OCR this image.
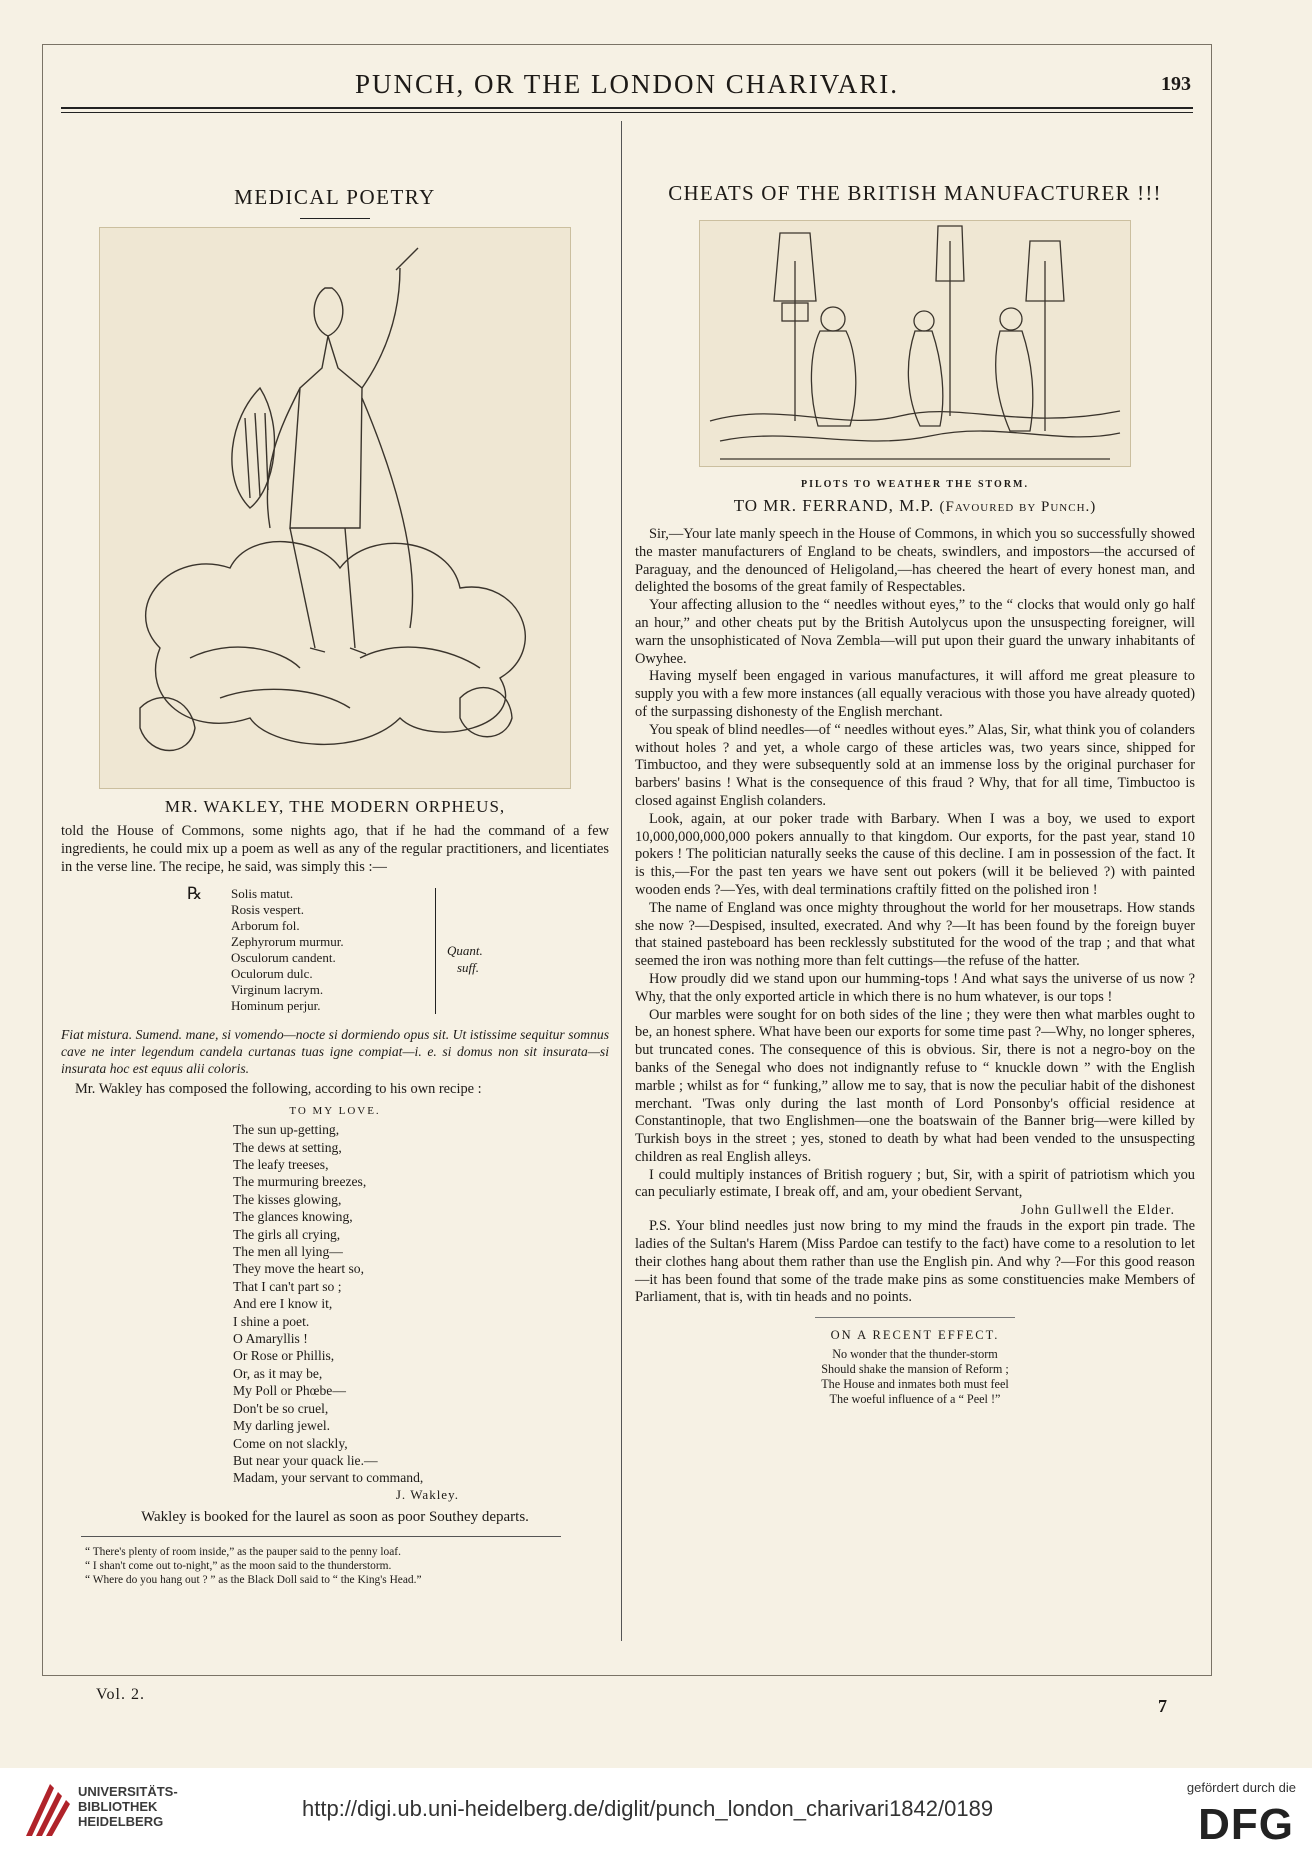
PUNCH, OR THE LONDON CHARIVARI.	193
MEDICAL POETRY
MR. WAKLEY, THE MODERN ORPHEUS,

told the House of Commons, some nights ago, that if he had the command of a few ingredients, he could mix up a poem as well as any of the regular practitioners, and licentiates in the verse line. The recipe, he said, was simply this :—

℞ Solis matut.
Rosis vespert.
Arborum fol.
Zephyrorum murmur.
Osculorum candent.
Oculorum dulc.
Virginum lacrym.
Hominum perjur.
Quant.
suff.

Fiat mistura. Sumend. mane, si vomendo—nocte si dormiendo opus sit. Ut istissime sequitur somnus cave ne inter legendum candela curtanas tuas igne compiat—i. e. si domus non sit insurata—si insurata hoc est equus alii coloris.

Mr. Wakley has composed the following, according to his own recipe :

TO MY LOVE.
The sun up-getting,
The dews at setting,
The leafy treeses,
The murmuring breezes,
The kisses glowing,
The glances knowing,
The girls all crying,
The men all lying—
They move the heart so,
That I can't part so ;
And ere I know it,
I shine a poet.
O Amaryllis !
Or Rose or Phillis,
Or, as it may be,
My Poll or Phœbe—
Don't be so cruel,
My darling jewel.
Come on not slackly,
But near your quack lie.—
Madam, your servant to command,
J. Wakley.
Wakley is booked for the laurel as soon as poor Southey departs.
“ There's plenty of room inside,” as the pauper said to the penny loaf.
“ I shan't come out to-night,” as the moon said to the thunderstorm.
“ Where do you hang out ? ” as the Black Doll said to “ the King's Head.”
CHEATS OF THE BRITISH MANUFACTURER !!!
PILOTS TO WEATHER THE STORM.
TO MR. FERRAND, M.P. (Favoured by Punch.)

Sir,—Your late manly speech in the House of Commons, in which you so successfully showed the master manufacturers of England to be cheats, swindlers, and impostors—the accursed of Paraguay, and the denounced of Heligoland,—has cheered the heart of every honest man, and delighted the bosoms of the great family of Respectables.

Your affecting allusion to the “ needles without eyes,” to the “ clocks that would only go half an hour,” and other cheats put by the British Autolycus upon the unsuspecting foreigner, will warn the unsophisticated of Nova Zembla—will put upon their guard the unwary inhabitants of Owyhee.

Having myself been engaged in various manufactures, it will afford me great pleasure to supply you with a few more instances (all equally veracious with those you have already quoted) of the surpassing dishonesty of the English merchant.

You speak of blind needles—of “ needles without eyes.” Alas, Sir, what think you of colanders without holes ? and yet, a whole cargo of these articles was, two years since, shipped for Timbuctoo, and they were subsequently sold at an immense loss by the original purchaser for barbers' basins ! What is the consequence of this fraud ? Why, that for all time, Timbuctoo is closed against English colanders.

Look, again, at our poker trade with Barbary. When I was a boy, we used to export 10,000,000,000,000 pokers annually to that kingdom. Our exports, for the past year, stand 10 pokers ! The politician naturally seeks the cause of this decline. I am in possession of the fact. It is this,—For the past ten years we have sent out pokers (will it be believed ?) with painted wooden ends ?—Yes, with deal terminations craftily fitted on the polished iron !

The name of England was once mighty throughout the world for her mousetraps. How stands she now ?—Despised, insulted, execrated. And why ?—It has been found by the foreign buyer that stained pasteboard has been recklessly substituted for the wood of the trap ; and that what seemed the iron was nothing more than felt cuttings—the refuse of the hatter.

How proudly did we stand upon our humming-tops ! And what says the universe of us now ? Why, that the only exported article in which there is no hum whatever, is our tops !

Our marbles were sought for on both sides of the line ; they were then what marbles ought to be, an honest sphere. What have been our exports for some time past ?—Why, no longer spheres, but truncated cones. The consequence of this is obvious. Sir, there is not a negro-boy on the banks of the Senegal who does not indignantly refuse to “ knuckle down ” with the English marble ; whilst as for “ funking,” allow me to say, that is now the peculiar habit of the dishonest merchant. 'Twas only during the last month of Lord Ponsonby's official residence at Constantinople, that two Englishmen—one the boatswain of the Banner brig—were killed by Turkish boys in the street ; yes, stoned to death by what had been vended to the unsuspecting children as real English alleys.

I could multiply instances of British roguery ; but, Sir, with a spirit of patriotism which you can peculiarly estimate, I break off, and am, your obedient Servant,

John Gullwell the Elder.

P.S. Your blind needles just now bring to my mind the frauds in the export pin trade. The ladies of the Sultan's Harem (Miss Pardoe can testify to the fact) have come to a resolution to let their clothes hang about them rather than use the English pin. And why ?—For this good reason—it has been found that some of the trade make pins as some constituencies make Members of Parliament, that is, with tin heads and no points.

ON A RECENT EFFECT.
No wonder that the thunder-storm
Should shake the mansion of Reform ;
The House and inmates both must feel
The woeful influence of a “ Peel !”
Vol. 2.
7
UNIVERSITÄTS-
BIBLIOTHEK
HEIDELBERG
http://digi.ub.uni-heidelberg.de/diglit/punch_london_charivari1842/0189
gefördert durch die
DFG
